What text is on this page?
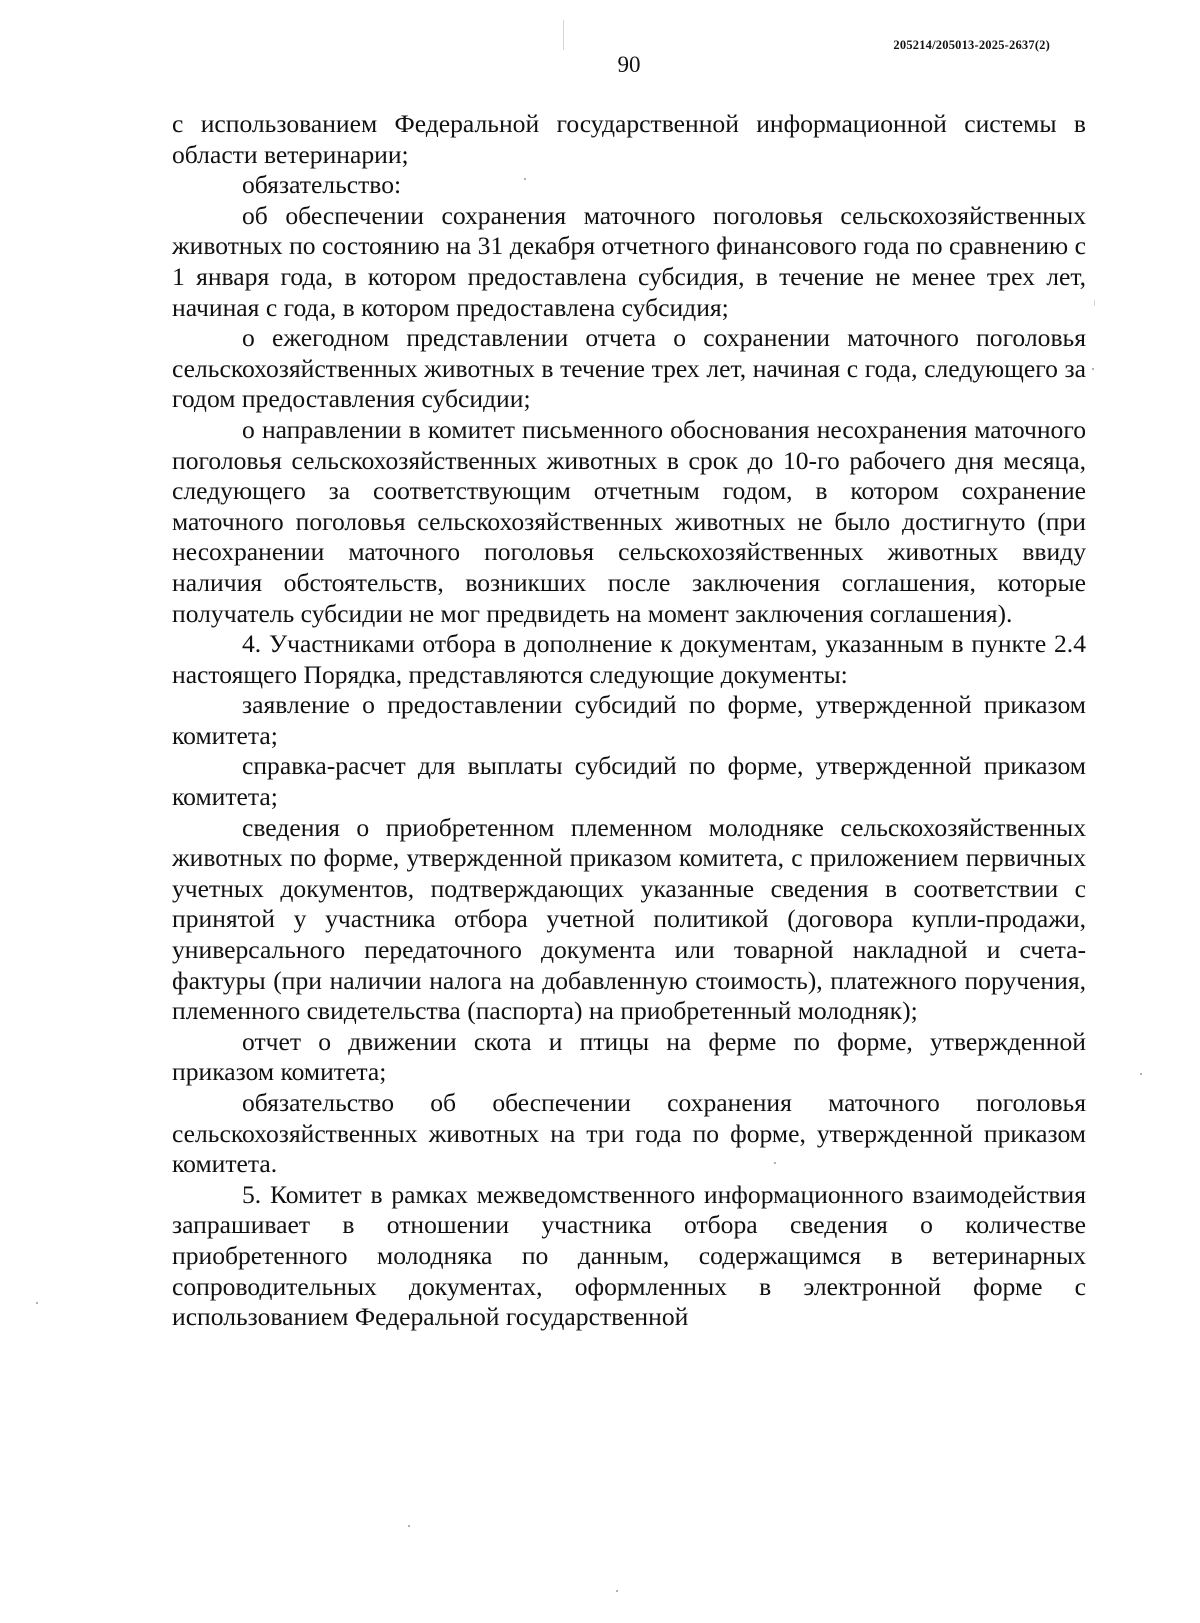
205214/205013-2025-2637(2)
90

с использованием Федеральной государственной информационной системы в области ветеринарии;

обязательство:

об обеспечении сохранения маточного поголовья сельскохозяйственных животных по состоянию на 31 декабря отчетного финансового года по сравнению с 1 января года, в котором предоставлена субсидия, в течение не менее трех лет, начиная с года, в котором предоставлена субсидия;

о ежегодном представлении отчета о сохранении маточного поголовья сельскохозяйственных животных в течение трех лет, начиная с года, следующего за годом предоставления субсидии;

о направлении в комитет письменного обоснования несохранения маточного поголовья сельскохозяйственных животных в срок до 10-го рабочего дня месяца, следующего за соответствующим отчетным годом, в котором сохранение маточного поголовья сельскохозяйственных животных не было достигнуто (при несохранении маточного поголовья сельскохозяйственных животных ввиду наличия обстоятельств, возникших после заключения соглашения, которые получатель субсидии не мог предвидеть на момент заключения соглашения).

4. Участниками отбора в дополнение к документам, указанным в пункте 2.4 настоящего Порядка, представляются следующие документы:

заявление о предоставлении субсидий по форме, утвержденной приказом комитета;

справка-расчет для выплаты субсидий по форме, утвержденной приказом комитета;

сведения о приобретенном племенном молодняке сельскохозяйственных животных по форме, утвержденной приказом комитета, с приложением первичных учетных документов, подтверждающих указанные сведения в соответствии с принятой у участника отбора учетной политикой (договора купли-продажи, универсального передаточного документа или товарной накладной и счета-фактуры (при наличии налога на добавленную стоимость), платежного поручения, племенного свидетельства (паспорта) на приобретенный молодняк);

отчет о движении скота и птицы на ферме по форме, утвержденной приказом комитета;

обязательство об обеспечении сохранения маточного поголовья сельскохозяйственных животных на три года по форме, утвержденной приказом комитета.

5. Комитет в рамках межведомственного информационного взаимодействия запрашивает в отношении участника отбора сведения о количестве приобретенного молодняка по данным, содержащимся в ветеринарных сопроводительных документах, оформленных в электронной форме с использованием Федеральной государственной
